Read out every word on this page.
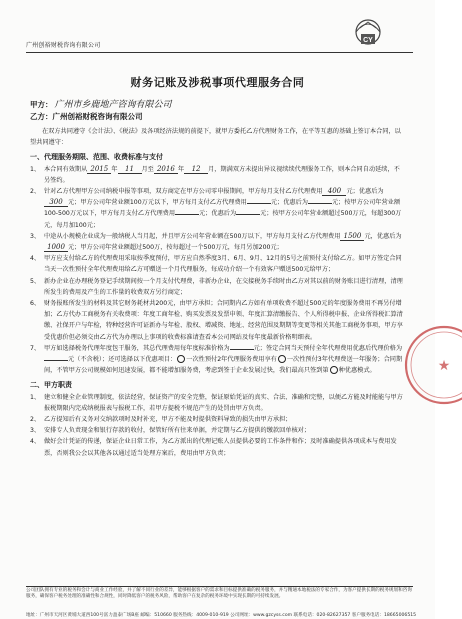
广州创裕财税咨询有限公司
CY
财务记账及涉税事项代理服务合同
甲方： 广州市乡鹿地产咨询有限公司
乙方：广州创裕财税咨询有限公司

在双方共同遵守《会计法》、《税法》及各项经济法规的前提下，就甲方委托乙方代理财务工作，在平等互惠的基础上签订本合同，以望共同遵守：

一、代理服务期限、范围、收费标准与支付
1、 本合同有效期从 2015 年 11 月至 2016 年 12 月，期满双方未提出异议视续续代理服务工作，则本合同自动延续，不另签约。
2、 针对乙方代理甲方公司纳税申报等事项，双方商定在甲方公司零申报期间，甲方每月支付乙方代理费用 400 元；优惠后为300 元；甲方公司年营业额100万元以下，甲方每月支付乙方代理费用	元；优惠后为	元；按甲方公司年营业额100-500万元以下，甲方每月支付乙方代理费用	元；优惠后为	元；按甲方公司年营业额超过500万元，每超300万元，每月加100元；
3、 中途从小规模企业成为一般纳税人当月起，并且甲方公司年营业额在500万以下，甲方每月支付乙方代理费用 1500 元，优惠后为1000 元；甲方公司年营业额超过500万，按每超过一个500万元，每月另加200元；
4、 甲方应支付给乙方的代理费用采取按季度预付，甲方应自然季度3月、6月、9月、12月的5号之前预付支付给乙方。如甲方签定合同当天一次性预付全年代理费用给乙方可赠送一个月代理服务，每成功介绍一个有效客户赠送500元给甲方；
5、 新办企业在办理税务登记手续期间按一个月支付代理费，非新办企业，在交接税务手续时由乙方对其以前的财务账目进行清理，清理所发生的费用及产生的工作量的收费双方另行商定；
6、 财务报账所发生的材料及其它财务耗材共200元，由甲方承担；合同期内乙方如有单项收费不超过500元的年度服务费用不再另付增加；乙方代办工商税务有关收费项：年度工商年检、购买发票及发票申领、年度汇算清缴报告、个人所得税申报、企业所得税汇算清缴、社保开户与年检，特种经营许可证新办与年检、股权、增减资、地址、经营范围及期期等变更等相关其他工商税务事项，甲方享受优惠价但必须交由乙方代为办理以上事项的收费标准请查看本公司网站及每年度最新价格明细表。
7、 甲方如选择税务代理年度包干服务，其总代理费用每年度标准价格为	元；签定合同当天预付全年代理费用优惠后代理价格为元（不含税）；还可选择以下优惠项目： 一次性预付2年代理服务费用享有 一次性预付3年代理费送一年服务；合同期间，不管甲方公司规模如何迅速发展，都不能增加服务费，考虑到签于企业发展过快，我们最高只签到第 种优惠模式。
二、甲方职责
1、 建立和健全企业管理制度，依法经营，保证资产的安全完整，保证原始凭证的真实、合法、准确和完整，以便乙方能及时能能与甲方报税期限内完成纳税报表与报税工作，若甲方提税不规范产生的处罚由甲方负责。
2、 乙方提知后有义务对交纳款项时及时补充，甲方不能及时提供资料导致的损失由甲方承担；
3、 安排专人负责现金和银行存款的收付，保管好所有往来单据，并定期与乙方提供的缴款回单核对；
4、 做好会计凭证的传递，保证企业日常工作，为乙方派出的代理记账人员提供必要的工作条件和作；及时准确提供各项成本与费用发票，否则我公会以其他各以通过适当处理方案后，费用由甲方负责；
★
公司团队拥有专业的税务和会计与商业工作经验，并了解不同行业的差异，能够根据客户的需求和目标提供准确的税务服务，并与精通本地税法的专家合作，为客户提供长期的税务规划和咨询服务，确保客户税务处理的准确性和合规性，同时降低客户的税务风险，帮助客户在复杂的税务环境中实现长期的可持续发展。
地址：广州市天河区黄埔大道西100号富力盈泰广场B座 邮编：510660 服务热线：4009-010-919 公司网址：www.gzcyss.com 联系电话：020-82627357 客户服务电话：18665006515
